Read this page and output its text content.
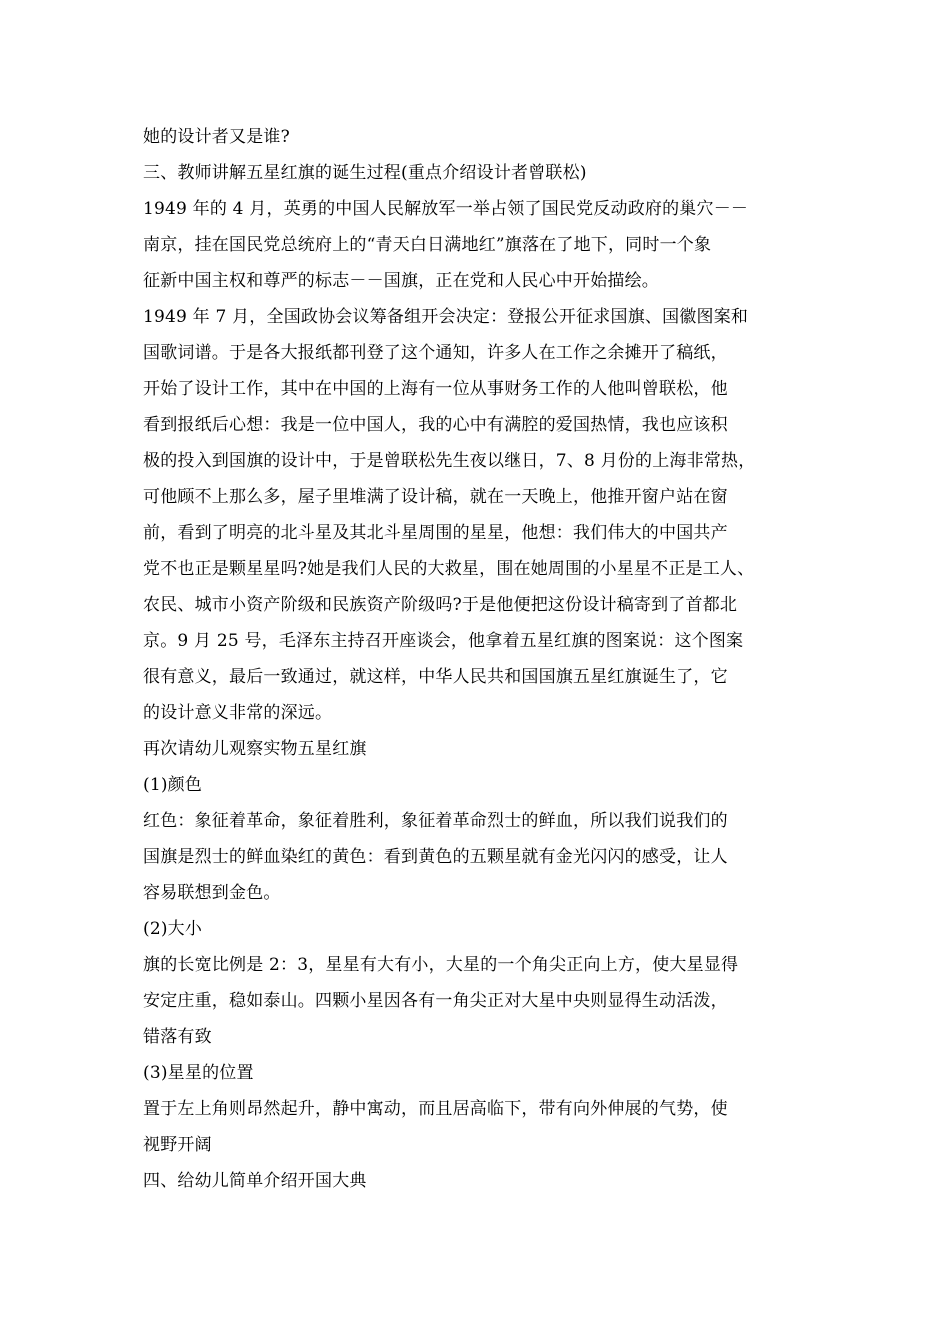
她的设计者又是谁?

三、教师讲解五星红旗的诞生过程(重点介绍设计者曾联松)

1949 年的 4 月，英勇的中国人民解放军一举占领了国民党反动政府的巢穴－－
南京，挂在国民党总统府上的“青天白日满地红”旗落在了地下，同时一个象
征新中国主权和尊严的标志－－国旗，正在党和人民心中开始描绘。

1949 年 7 月，全国政协会议筹备组开会决定：登报公开征求国旗、国徽图案和
国歌词谱。于是各大报纸都刊登了这个通知，许多人在工作之余摊开了稿纸，
开始了设计工作，其中在中国的上海有一位从事财务工作的人他叫曾联松，他
看到报纸后心想：我是一位中国人，我的心中有满腔的爱国热情，我也应该积
极的投入到国旗的设计中，于是曾联松先生夜以继日，7、8 月份的上海非常热，
可他顾不上那么多，屋子里堆满了设计稿，就在一天晚上，他推开窗户站在窗
前，看到了明亮的北斗星及其北斗星周围的星星，他想：我们伟大的中国共产
党不也正是颗星星吗?她是我们人民的大救星，围在她周围的小星星不正是工人、
农民、城市小资产阶级和民族资产阶级吗?于是他便把这份设计稿寄到了首都北
京。9 月 25 号，毛泽东主持召开座谈会，他拿着五星红旗的图案说：这个图案
很有意义，最后一致通过，就这样，中华人民共和国国旗五星红旗诞生了，它
的设计意义非常的深远。

再次请幼儿观察实物五星红旗

(1)颜色

红色：象征着革命，象征着胜利，象征着革命烈士的鲜血，所以我们说我们的
国旗是烈士的鲜血染红的黄色：看到黄色的五颗星就有金光闪闪的感受，让人
容易联想到金色。

(2)大小

旗的长宽比例是 2：3，星星有大有小，大星的一个角尖正向上方，使大星显得
安定庄重，稳如泰山。四颗小星因各有一角尖正对大星中央则显得生动活泼，
错落有致

(3)星星的位置

置于左上角则昂然起升，静中寓动，而且居高临下，带有向外伸展的气势，使
视野开阔

四、给幼儿简单介绍开国大典
